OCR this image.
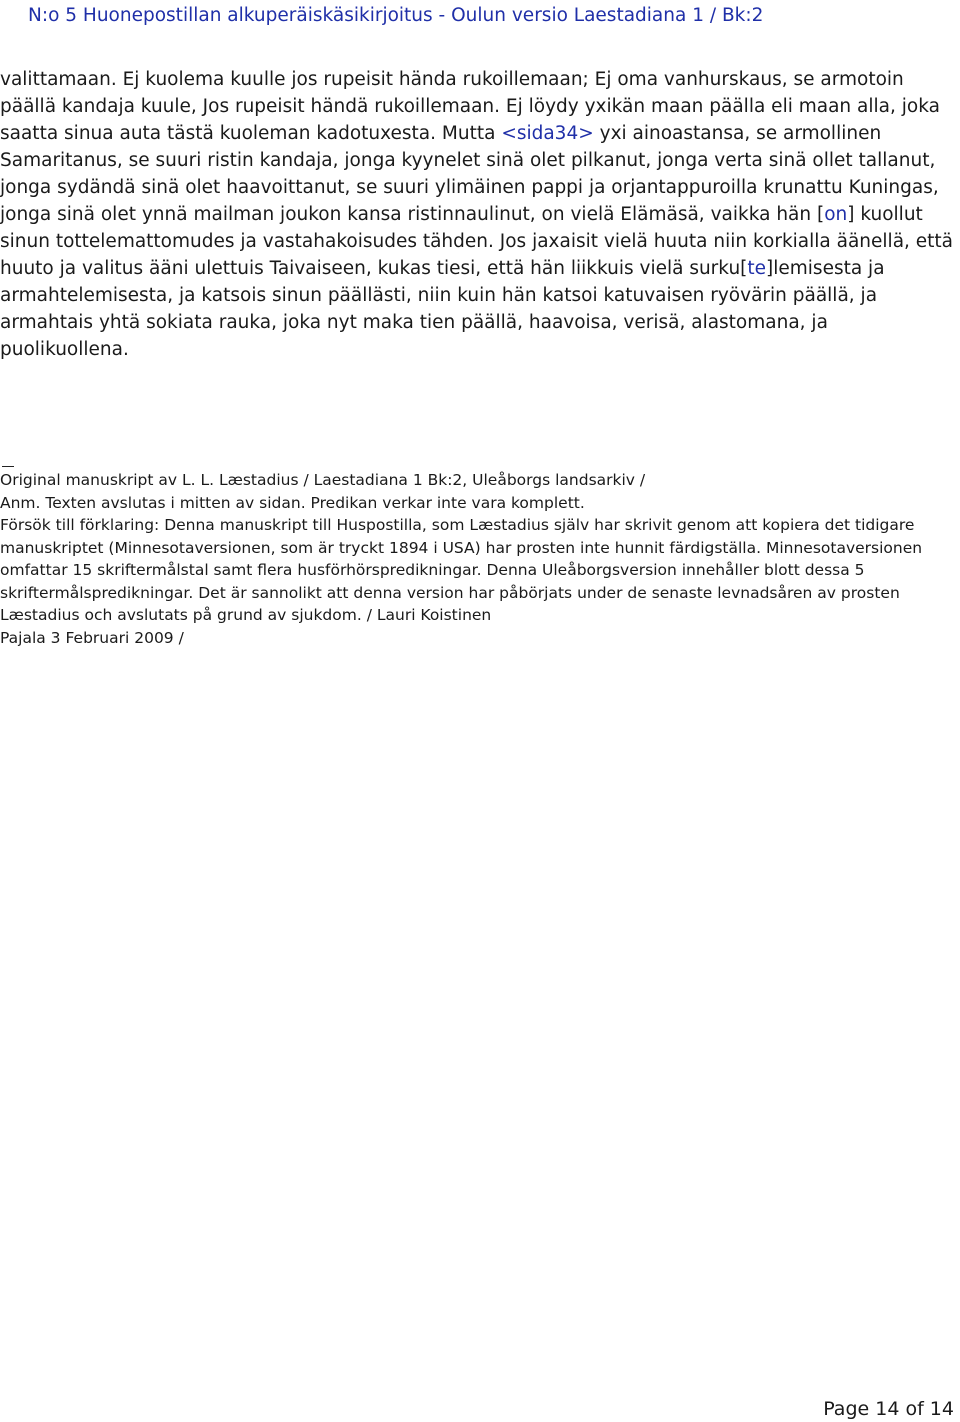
N:o 5 Huonepostillan alkuperäiskäsikirjoitus - Oulun versio Laestadiana 1 / Bk:2

valittamaan. Ej kuolema kuulle jos rupeisit hända rukoillemaan; Ej oma vanhurskaus, se armotoin päällä kandaja kuule, Jos rupeisit händä rukoillemaan. Ej löydy yxikän maan päälla eli maan alla, joka saatta sinua auta tästä kuoleman kadotuxesta. Mutta <sida34> yxi ainoastansa, se armollinen Samaritanus, se suuri ristin kandaja, jonga kyynelet sinä olet pilkanut, jonga verta sinä ollet tallanut, jonga sydändä sinä olet haavoittanut, se suuri ylimäinen pappi ja orjantappuroilla krunattu Kuningas, jonga sinä olet ynnä mailman joukon kansa ristinnaulinut, on vielä Elämäsä, vaikka hän [on] kuollut sinun tottelemattomudes ja vastahakoisudes tähden. Jos jaxaisit vielä huuta niin korkialla äänellä, että huuto ja valitus ääni ulettuis Taivaiseen, kukas tiesi, että hän liikkuis vielä surku[te]lemisesta ja armahtelemisesta, ja katsois sinun päällästi, niin kuin hän katsoi katuvaisen ryövärin päällä, ja armahtais yhtä sokiata rauka, joka nyt maka tien päällä, haavoisa, verisä, alastomana, ja puolikuollena.

Original manuskript av L. L. Læstadius / Laestadiana 1 Bk:2, Uleåborgs landsarkiv /

Anm. Texten avslutas i mitten av sidan. Predikan verkar inte vara komplett.

Försök till förklaring: Denna manuskript till Huspostilla, som Læstadius själv har skrivit genom att kopiera det tidigare manuskriptet (Minnesotaversionen, som är tryckt 1894 i USA) har prosten inte hunnit färdigställa. Minnesotaversionen omfattar 15 skriftermålstal samt flera husförhörspredikningar. Denna Uleåborgsversion innehåller blott dessa 5 skriftermålspredikningar. Det är sannolikt att denna version har påbörjats under de senaste levnadsåren av prosten Læstadius och avslutats på grund av sjukdom. / Lauri Koistinen

Pajala 3 Februari 2009 /

Page 14 of 14
